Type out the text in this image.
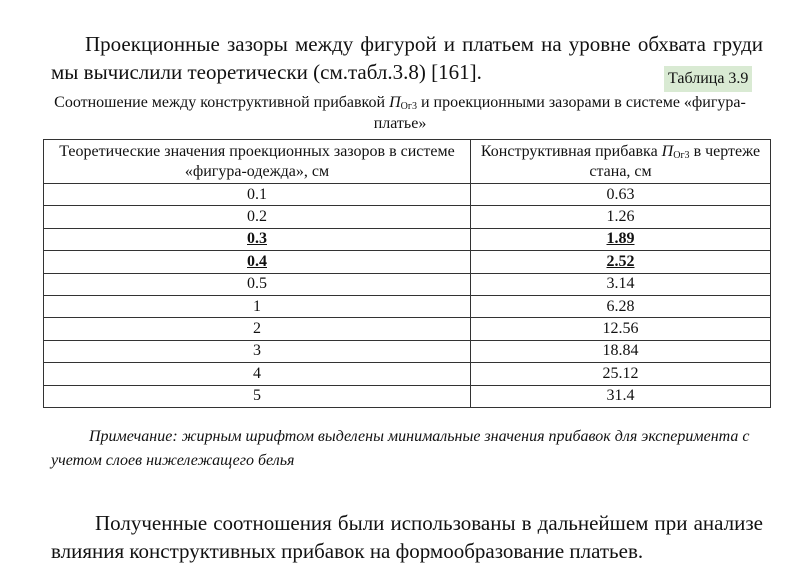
Проекционные зазоры между фигурой и платьем на уровне обхвата груди мы вычислили теоретически (см.табл.3.8) [161].	Таблица 3.9
Соотношение между конструктивной прибавкой $П_{Ог3}$ и проекционными зазорами в системе «фигура-платье»
Теоретические значения проекционных зазоров в системе «фигура-одежда», см	Конструктивная прибавка $П_{Ог3}$ в чертеже стана, см
0.1	0.63
0.2	1.26
0.3	1.89
0.4	2.52
0.5	3.14
1	6.28
2	12.56
3	18.84
4	25.12
5	31.4

Примечание: жирным шрифтом выделены минимальные значения прибавок для эксперимента с учетом слоев нижележащего белья

Полученные соотношения были использованы в дальнейшем при анализе влияния конструктивных прибавок на формообразование платьев.
